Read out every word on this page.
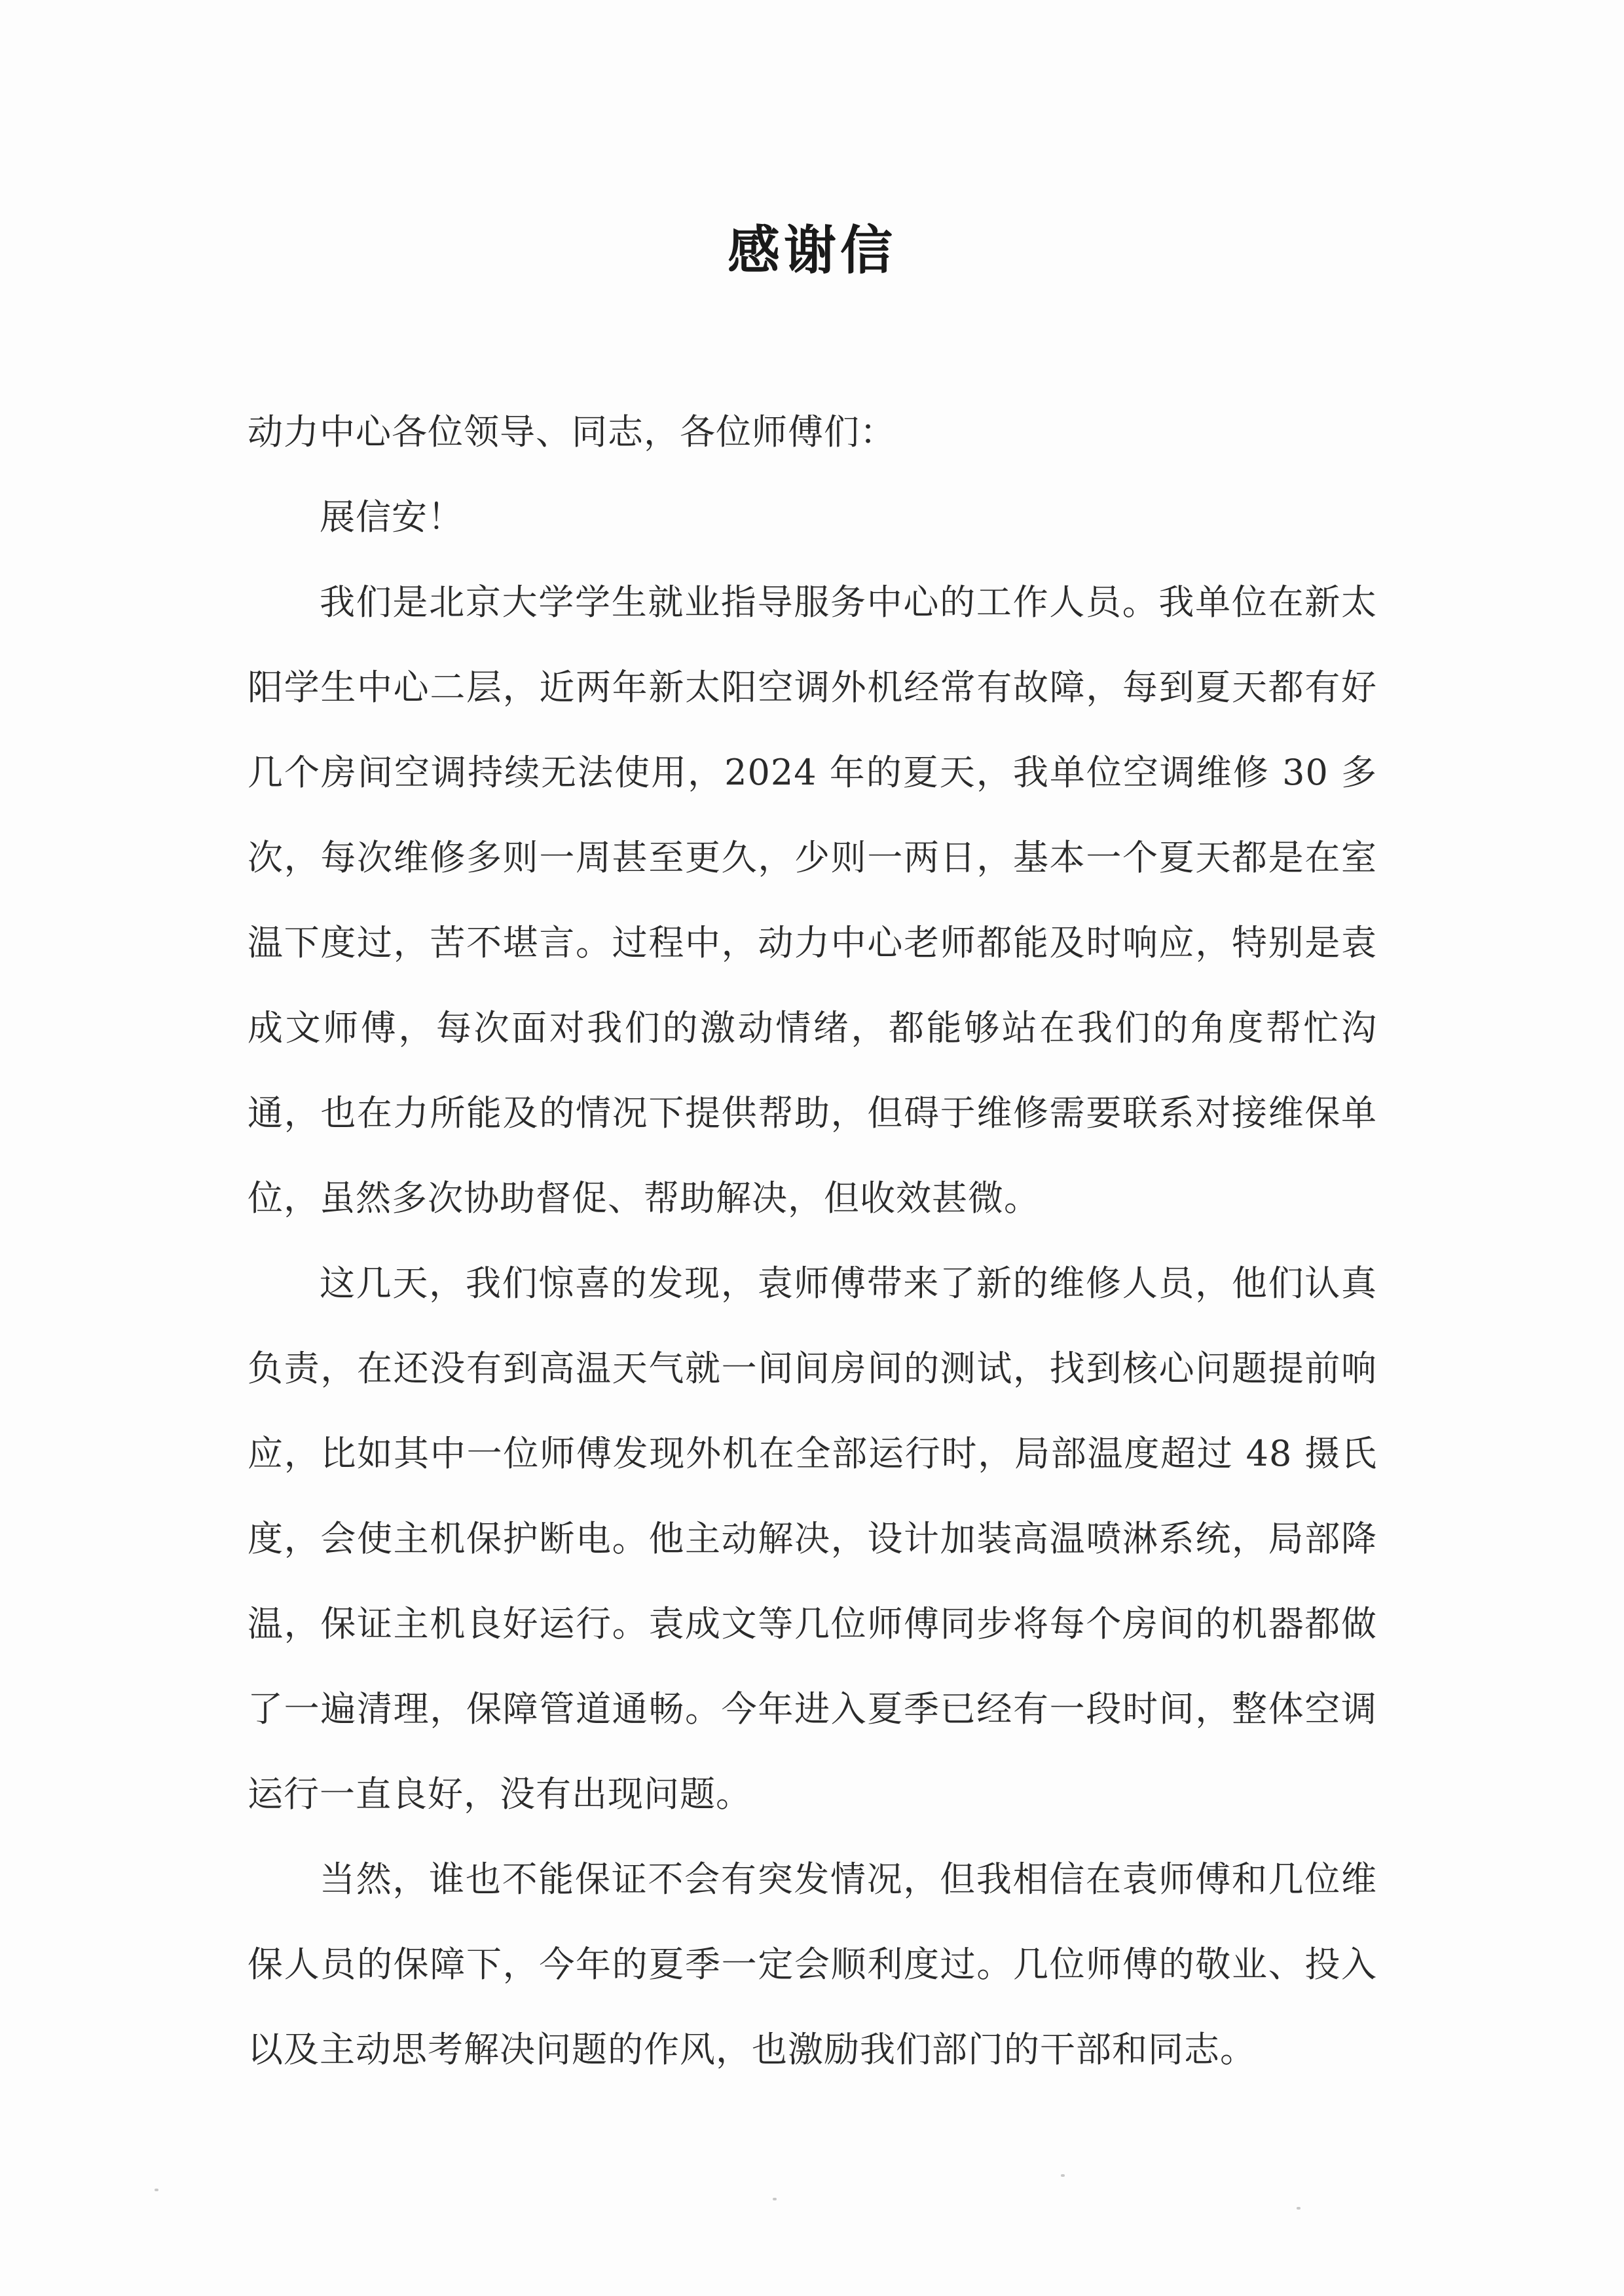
感谢信

动力中心各位领导、同志，各位师傅们：

展信安！

我们是北京大学学生就业指导服务中心的工作人员。我单位在新太阳学生中心二层，近两年新太阳空调外机经常有故障，每到夏天都有好几个房间空调持续无法使用，2024 年的夏天，我单位空调维修 30 多次，每次维修多则一周甚至更久，少则一两日，基本一个夏天都是在室温下度过，苦不堪言。过程中，动力中心老师都能及时响应，特别是袁成文师傅，每次面对我们的激动情绪，都能够站在我们的角度帮忙沟通，也在力所能及的情况下提供帮助，但碍于维修需要联系对接维保单位，虽然多次协助督促、帮助解决，但收效甚微。

这几天，我们惊喜的发现，袁师傅带来了新的维修人员，他们认真负责，在还没有到高温天气就一间间房间的测试，找到核心问题提前响应，比如其中一位师傅发现外机在全部运行时，局部温度超过 48 摄氏度，会使主机保护断电。他主动解决，设计加装高温喷淋系统，局部降温，保证主机良好运行。袁成文等几位师傅同步将每个房间的机器都做了一遍清理，保障管道通畅。今年进入夏季已经有一段时间，整体空调运行一直良好，没有出现问题。

当然，谁也不能保证不会有突发情况，但我相信在袁师傅和几位维保人员的保障下，今年的夏季一定会顺利度过。几位师傅的敬业、投入以及主动思考解决问题的作风，也激励我们部门的干部和同志。
